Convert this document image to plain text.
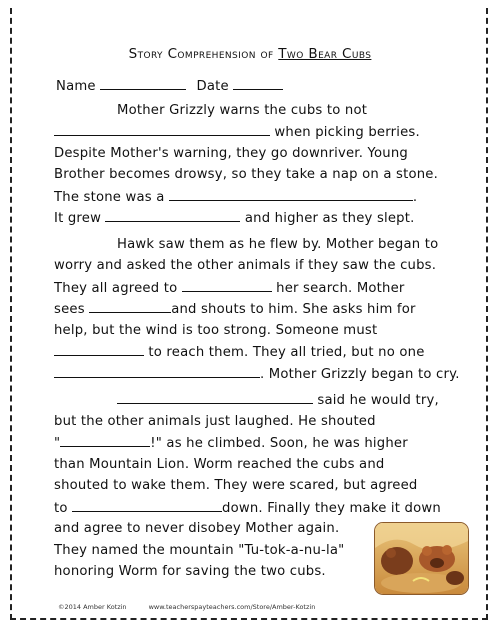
Story Comprehension of Two Bear Cubs
Name	Date
Mother Grizzly warns the cubs to not
when picking berries.
Despite Mother's warning, they go downriver. Young
Brother becomes drowsy, so they take a nap on a stone.
The stone was a	.
It grew	and higher as they slept.
Hawk saw them as he flew by. Mother began to
worry and asked the other animals if they saw the cubs.
They all agreed to	her search. Mother
sees	and shouts to him. She asks him for
help, but the wind is too strong. Someone must
to reach them. They all tried, but no one
. Mother Grizzly began to cry.
said he would try,
but the other animals just laughed. He shouted
"	!" as he climbed. Soon, he was higher
than Mountain Lion. Worm reached the cubs and
shouted to wake them. They were scared, but agreed
to	down. Finally they make it down
and agree to never disobey Mother again.
They named the mountain "Tu-tok-a-nu-la"
honoring Worm for saving the two cubs.
©2014 Amber Kotzin	www.teacherspayteachers.com/Store/Amber-Kotzin
